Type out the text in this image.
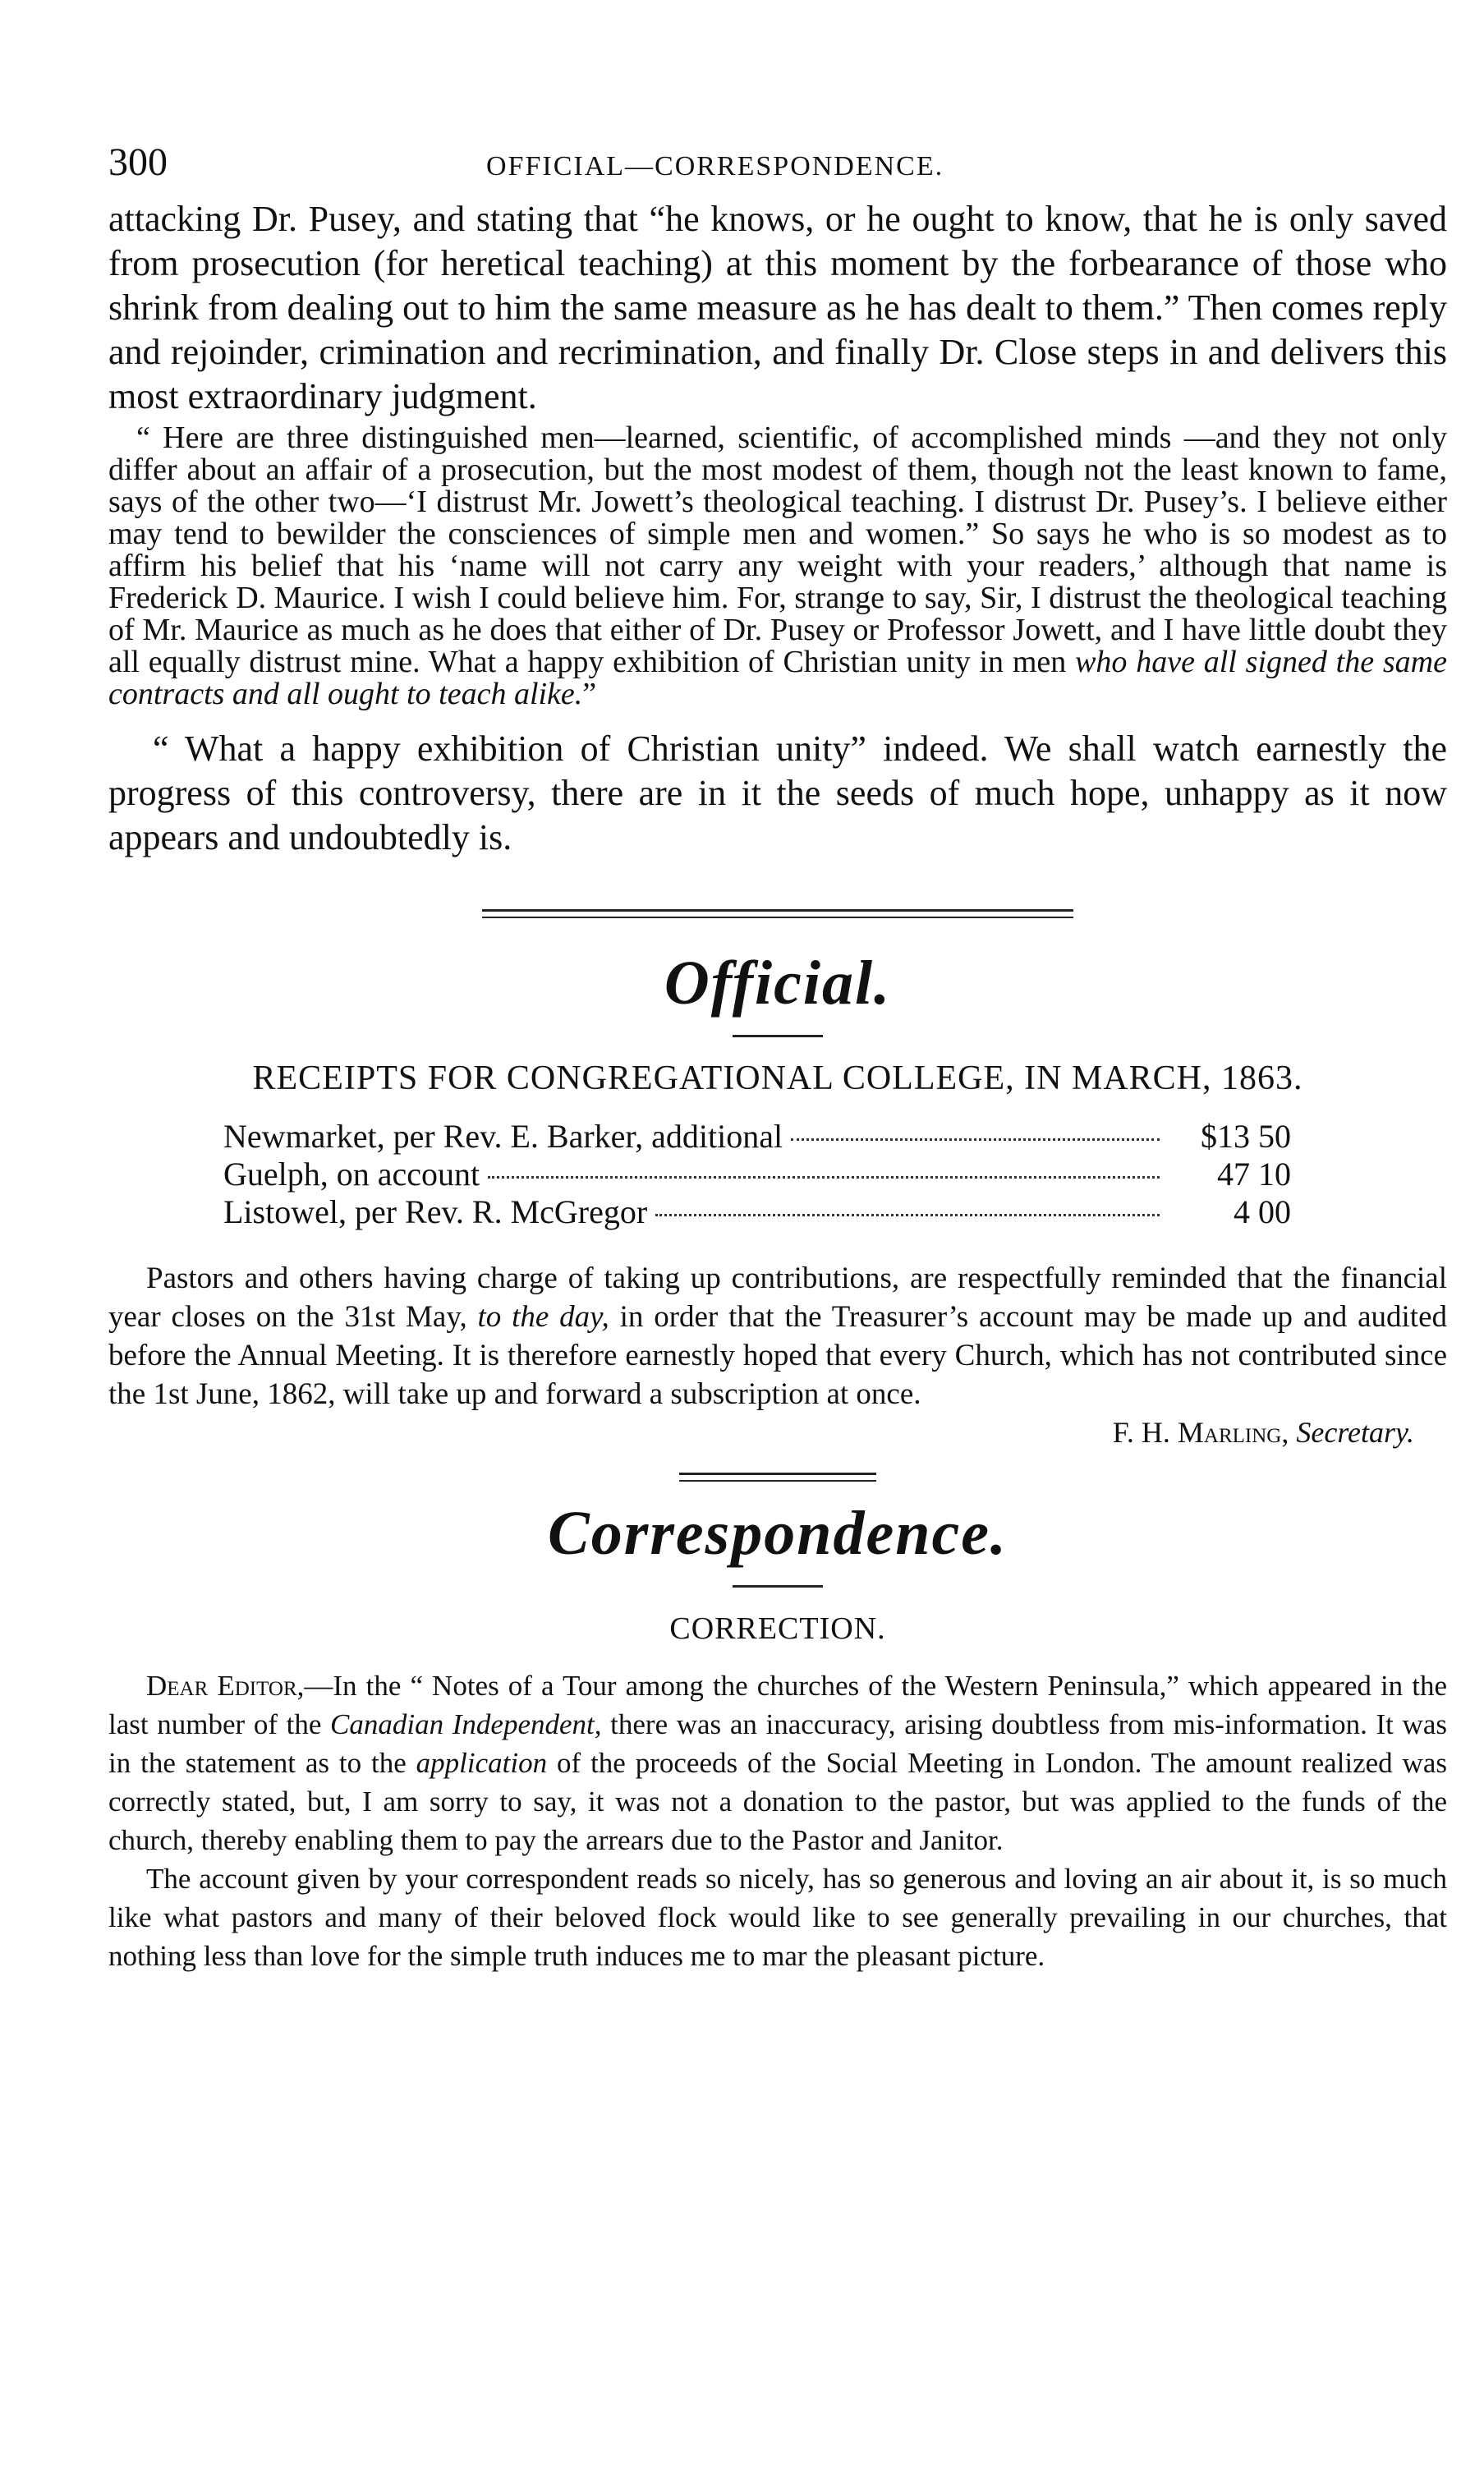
300	OFFICIAL—CORRESPONDENCE.

attacking Dr. Pusey, and stating that “he knows, or he ought to know, that he is only saved from prosecution (for heretical teaching) at this moment by the forbearance of those who shrink from dealing out to him the same measure as he has dealt to them.” Then comes reply and rejoinder, crimination and recrimination, and finally Dr. Close steps in and delivers this most extraordinary judgment.

“ Here are three distinguished men—learned, scientific, of accomplished minds —and they not only differ about an affair of a prosecution, but the most modest of them, though not the least known to fame, says of the other two—‘I distrust Mr. Jowett’s theological teaching. I distrust Dr. Pusey’s. I believe either may tend to bewilder the consciences of simple men and women.” So says he who is so modest as to affirm his belief that his ‘name will not carry any weight with your readers,’ although that name is Frederick D. Maurice. I wish I could believe him. For, strange to say, Sir, I distrust the theological teaching of Mr. Maurice as much as he does that either of Dr. Pusey or Professor Jowett, and I have little doubt they all equally distrust mine. What a happy exhibition of Christian unity in men who have all signed the same contracts and all ought to teach alike.”

“ What a happy exhibition of Christian unity” indeed. We shall watch earnestly the progress of this controversy, there are in it the seeds of much hope, unhappy as it now appears and undoubtedly is.

Official.
RECEIPTS FOR CONGREGATIONAL COLLEGE, IN MARCH, 1863.
Newmarket, per Rev. E. Barker, additional	$13 50
Guelph, on account	47 10
Listowel, per Rev. R. McGregor	4 00

Pastors and others having charge of taking up contributions, are respectfully reminded that the financial year closes on the 31st May, to the day, in order that the Treasurer’s account may be made up and audited before the Annual Meeting. It is therefore earnestly hoped that every Church, which has not contributed since the 1st June, 1862, will take up and forward a subscription at once.

F. H. Marling, Secretary.
Correspondence.
CORRECTION.

Dear Editor,—In the “ Notes of a Tour among the churches of the Western Peninsula,” which appeared in the last number of the Canadian Independent, there was an inaccuracy, arising doubtless from mis-information. It was in the statement as to the application of the proceeds of the Social Meeting in London. The amount realized was correctly stated, but, I am sorry to say, it was not a donation to the pastor, but was applied to the funds of the church, thereby enabling them to pay the arrears due to the Pastor and Janitor.

The account given by your correspondent reads so nicely, has so generous and loving an air about it, is so much like what pastors and many of their beloved flock would like to see generally prevailing in our churches, that nothing less than love for the simple truth induces me to mar the pleasant picture.
